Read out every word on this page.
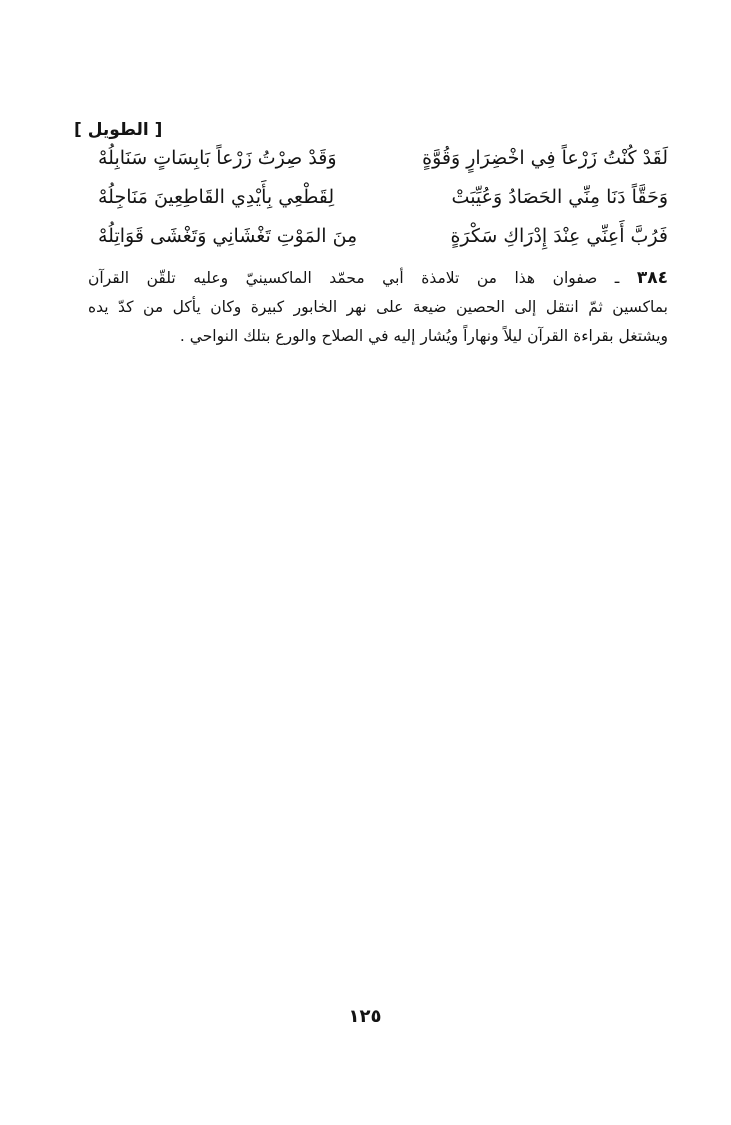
[ الطويل ]
لَقَدْ كُنْتُ زَرْعاً فِي اخْضِرَارٍ وَقُوَّةٍ
وَقَدْ صِرْتُ زَرْعاً بَابِسَاتٍ سَنَابِلُهْ
وَحَقَّاً دَنَا مِنِّي الحَصَادُ وَعُيِّبَتْ
لِقَطْعِي بِأَيْدِي القَاطِعِينَ مَنَاجِلُهْ
فَرُبَّ أَعِنِّي عِنْدَ إِدْرَاكِ سَكْرَةٍ
مِنَ المَوْتِ تَغْشَانِي وَتَغْشَى قَوَاتِلُهْ
٣٨٤ ـ صفوان هذا من تلامذة أبي محمّد الماكسينيّ وعليه تلقّن القرآن
بماكسين ثمّ انتقل إلى الحصين ضيعة على نهر الخابور كبيرة وكان يأكل من كدّ يده
ويشتغل بقراءة القرآن ليلاً ونهاراً ويُشار إليه في الصلاح والورع بتلك النواحي .
١٢٥
